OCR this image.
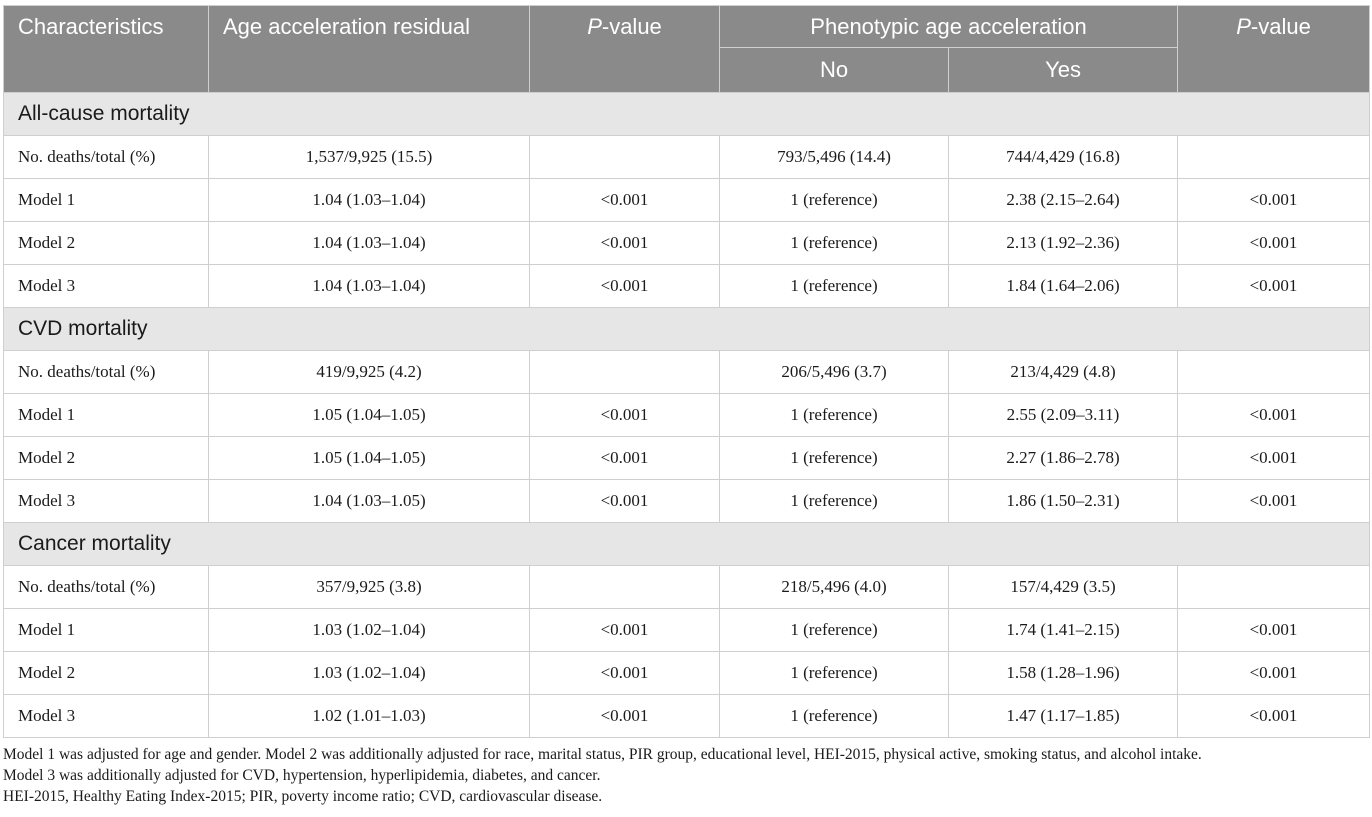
Characteristics	Age acceleration residual	P-value	Phenotypic age acceleration		P-value
			No	Yes	
All-cause mortality					
No. deaths/total (%)	1,537/9,925 (15.5)		793/5,496 (14.4)	744/4,429 (16.8)	
Model 1	1.04 (1.03–1.04)	<0.001	1 (reference)	2.38 (2.15–2.64)	<0.001
Model 2	1.04 (1.03–1.04)	<0.001	1 (reference)	2.13 (1.92–2.36)	<0.001
Model 3	1.04 (1.03–1.04)	<0.001	1 (reference)	1.84 (1.64–2.06)	<0.001
CVD mortality					
No. deaths/total (%)	419/9,925 (4.2)		206/5,496 (3.7)	213/4,429 (4.8)	
Model 1	1.05 (1.04–1.05)	<0.001	1 (reference)	2.55 (2.09–3.11)	<0.001
Model 2	1.05 (1.04–1.05)	<0.001	1 (reference)	2.27 (1.86–2.78)	<0.001
Model 3	1.04 (1.03–1.05)	<0.001	1 (reference)	1.86 (1.50–2.31)	<0.001
Cancer mortality					
No. deaths/total (%)	357/9,925 (3.8)		218/5,496 (4.0)	157/4,429 (3.5)	
Model 1	1.03 (1.02–1.04)	<0.001	1 (reference)	1.74 (1.41–2.15)	<0.001
Model 2	1.03 (1.02–1.04)	<0.001	1 (reference)	1.58 (1.28–1.96)	<0.001
Model 3	1.02 (1.01–1.03)	<0.001	1 (reference)	1.47 (1.17–1.85)	<0.001
Model 1 was adjusted for age and gender. Model 2 was additionally adjusted for race, marital status, PIR group, educational level, HEI-2015, physical active, smoking status, and alcohol intake.
Model 3 was additionally adjusted for CVD, hypertension, hyperlipidemia, diabetes, and cancer.
HEI-2015, Healthy Eating Index-2015; PIR, poverty income ratio; CVD, cardiovascular disease.
